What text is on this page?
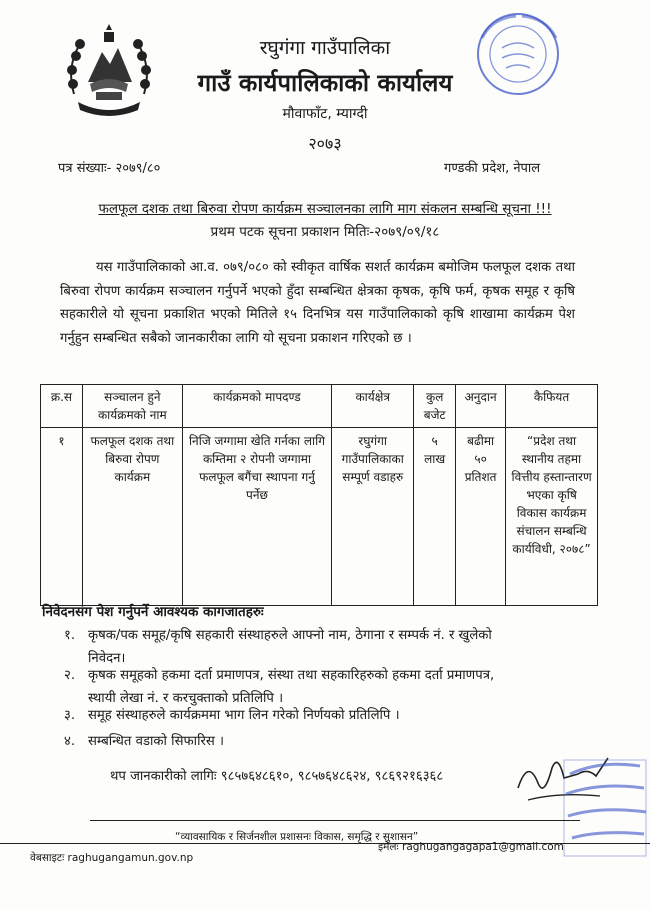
रघुगंगा गाउँपालिका
गाउँ कार्यपालिकाको कार्यालय
मौवाफाँट, म्याग्दी
२०७३
पत्र संख्याः- २०७९/८०	गण्डकी प्रदेश, नेपाल
फलफूल दशक तथा बिरुवा रोपण कार्यक्रम सञ्चालनका लागि माग संकलन सम्बन्धि सूचना !!!
प्रथम पटक सूचना प्रकाशन मितिः-२०७९/०९/१८
यस गाउँपालिकाको आ.व. ०७९/०८० को स्वीकृत वार्षिक सशर्त कार्यक्रम बमोजिम फलफूल दशक तथा बिरुवा रोपण कार्यक्रम सञ्चालन गर्नुपर्ने भएको हुँदा सम्बन्धित क्षेत्रका कृषक, कृषि फर्म, कृषक समूह र कृषि सहकारीले यो सूचना प्रकाशित भएको मितिले १५ दिनभित्र यस गाउँपालिकाको कृषि शाखामा कार्यक्रम पेश गर्नुहुन सम्बन्धित सबैको जानकारीका लागि यो सूचना प्रकाशन गरिएको छ ।
क्र.स	सञ्चालन हुने कार्यक्रमको नाम	कार्यक्रमको मापदण्ड	कार्यक्षेत्र	कुल बजेट	अनुदान	कैफियत
१	फलफूल दशक तथा बिरुवा रोपण कार्यक्रम	निजि जग्गामा खेति गर्नका लागि कम्तिमा २ रोपनी जग्गामा फलफूल बगैंचा स्थापना गर्नु पर्नेछ	रघुगंगा गाउँपालिकाका सम्पूर्ण वडाहरु	५ लाख	बढीमा ५० प्रतिशत	“प्रदेश तथा स्थानीय तहमा वित्तीय हस्तान्तारण भएका कृषि विकास कार्यक्रम संचालन सम्बन्धि कार्यविधी, २०७८”
निवेदनसंग पेश गर्नुपर्ने आवश्यक कागजातहरुः
१. कृषक/पक समूह/कृषि सहकारी संस्थाहरुले आफ्नो नाम, ठेगाना र सम्पर्क नं. र खुलेको
निवेदन।
२. कृषक समूहको हकमा दर्ता प्रमाणपत्र, संस्था तथा सहकारिहरुको हकमा दर्ता प्रमाणपत्र,
स्थायी लेखा नं. र करचुक्ताको प्रतिलिपि ।
३. समूह संस्थाहरुले कार्यक्रममा भाग लिन गरेको निर्णयको प्रतिलिपि ।
४. सम्बन्धित वडाको सिफारिस ।
थप जानकारीको लागिः ९८५७६४८६१०, ९८५७६४८६२४, ९८६९२१६३६८
“व्यावसायिक र सिर्जनशील प्रशासनः विकास, समृद्धि र सुशासन”
इमेलः raghugangagapa1@gmail.com
वेबसाइटः raghugangamun.gov.np
